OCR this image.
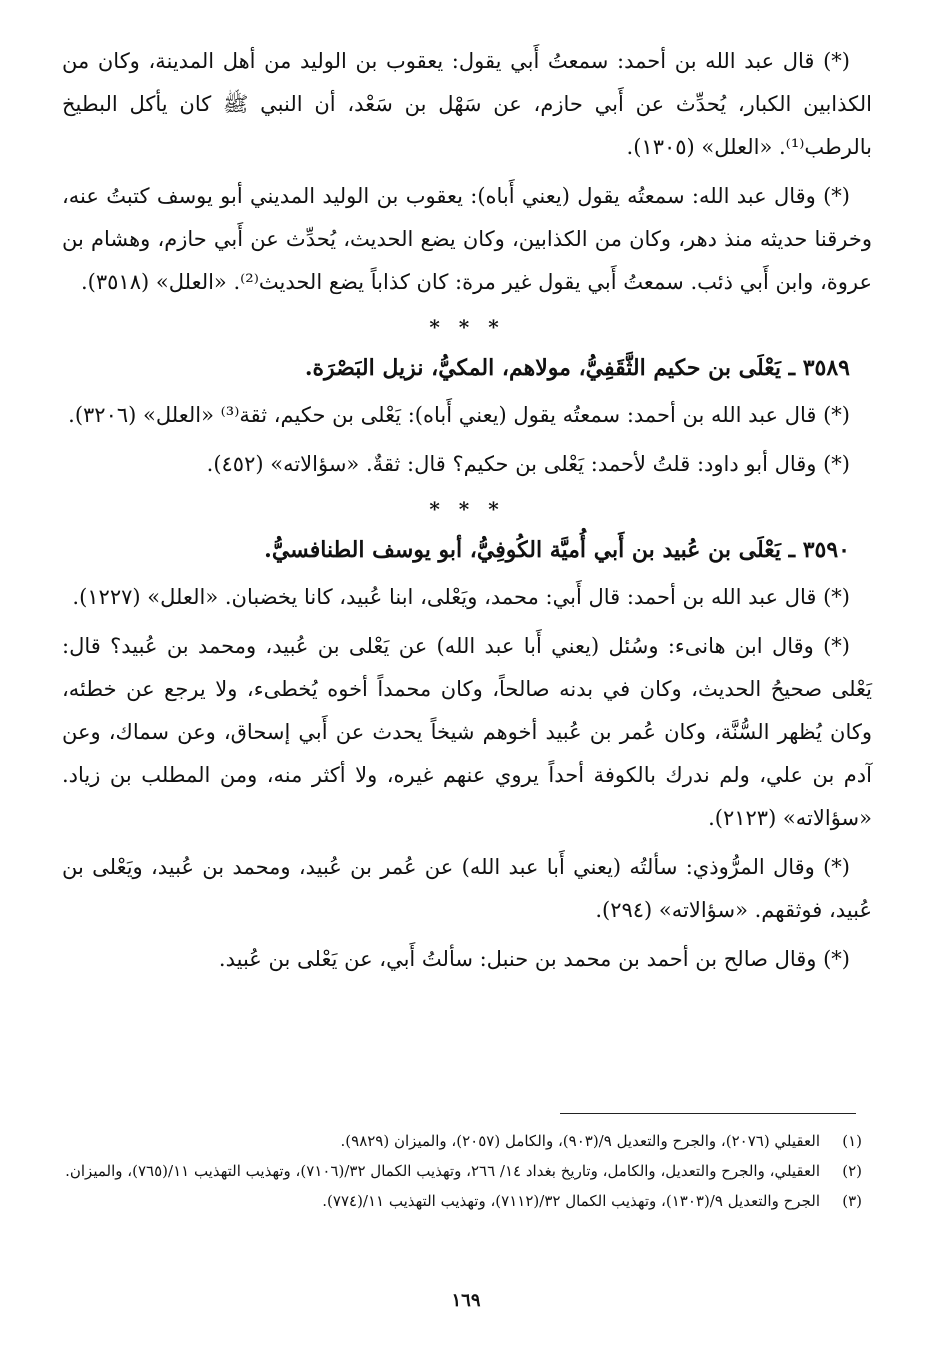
(*) قال عبد الله بن أحمد: سمعتُ أَبي يقول: يعقوب بن الوليد من أهل المدينة، وكان من الكذابين الكبار، يُحدِّث عن أَبي حازم، عن سَهْل بن سَعْد، أن النبي ﷺ كان يأكل البطيخ بالرطب⁽¹⁾. «العلل» (١٣٠٥).

(*) وقال عبد الله: سمعتُه يقول (يعني أَباه): يعقوب بن الوليد المديني أبو يوسف كتبتُ عنه، وخرقنا حديثه منذ دهر، وكان من الكذابين، وكان يضع الحديث، يُحدِّث عن أَبي حازم، وهشام بن عروة، وابن أَبي ذئب. سمعتُ أَبي يقول غير مرة: كان كذاباً يضع الحديث⁽²⁾. «العلل» (٣٥١٨).

* * *

٣٥٨٩ ـ يَعْلَى بن حكيم الثَّقَفِيُّ، مولاهم، المكيُّ، نزيل البَصْرَة.

(*) قال عبد الله بن أحمد: سمعتُه يقول (يعني أَباه): يَعْلى بن حكيم، ثقة⁽³⁾ «العلل» (٣٢٠٦).

(*) وقال أبو داود: قلتُ لأحمد: يَعْلى بن حكيم؟ قال: ثقةٌ. «سؤالاته» (٤٥٢).

* * *

٣٥٩٠ ـ يَعْلَى بن عُبيد بن أَبي أُميَّة الكُوفِيُّ، أبو يوسف الطنافسيُّ.

(*) قال عبد الله بن أحمد: قال أَبي: محمد، ويَعْلى، ابنا عُبيد، كانا يخضبان. «العلل» (١٢٢٧).

(*) وقال ابن هانىء: وسُئل (يعني أَبا عبد الله) عن يَعْلى بن عُبيد، ومحمد بن عُبيد؟ قال: يَعْلى صحيحُ الحديث، وكان في بدنه صالحاً، وكان محمداً أخوه يُخطىء، ولا يرجع عن خطئه، وكان يُظهر السُّنَّة، وكان عُمر بن عُبيد أخوهم شيخاً يحدث عن أَبي إسحاق، وعن سماك، وعن آدم بن علي، ولم ندرك بالكوفة أحداً يروي عنهم غيره، ولا أكثر منه، ومن المطلب بن زياد. «سؤالاته» (٢١٢٣).

(*) وقال المرُّوذي: سألتُه (يعني أَبا عبد الله) عن عُمر بن عُبيد، ومحمد بن عُبيد، ويَعْلى بن عُبيد، فوثقهم. «سؤالاته» (٢٩٤).

(*) وقال صالح بن أحمد بن محمد بن حنبل: سألتُ أَبي، عن يَعْلى بن عُبيد.

(١)
العقيلي (٢٠٧٦)، والجرح والتعديل ٩/(٩٠٣)، والكامل (٢٠٥٧)، والميزان (٩٨٢٩).
(٢)
العقيلي، والجرح والتعديل، والكامل، وتاريخ بغداد ١٤/ ٢٦٦، وتهذيب الكمال ٣٢/(٧١٠٦)، وتهذيب التهذيب ١١/(٧٦٥)، والميزان.
(٣)
الجرح والتعديل ٩/(١٣٠٣)، وتهذيب الكمال ٣٢/(٧١١٢)، وتهذيب التهذيب ١١/(٧٧٤).
١٦٩
